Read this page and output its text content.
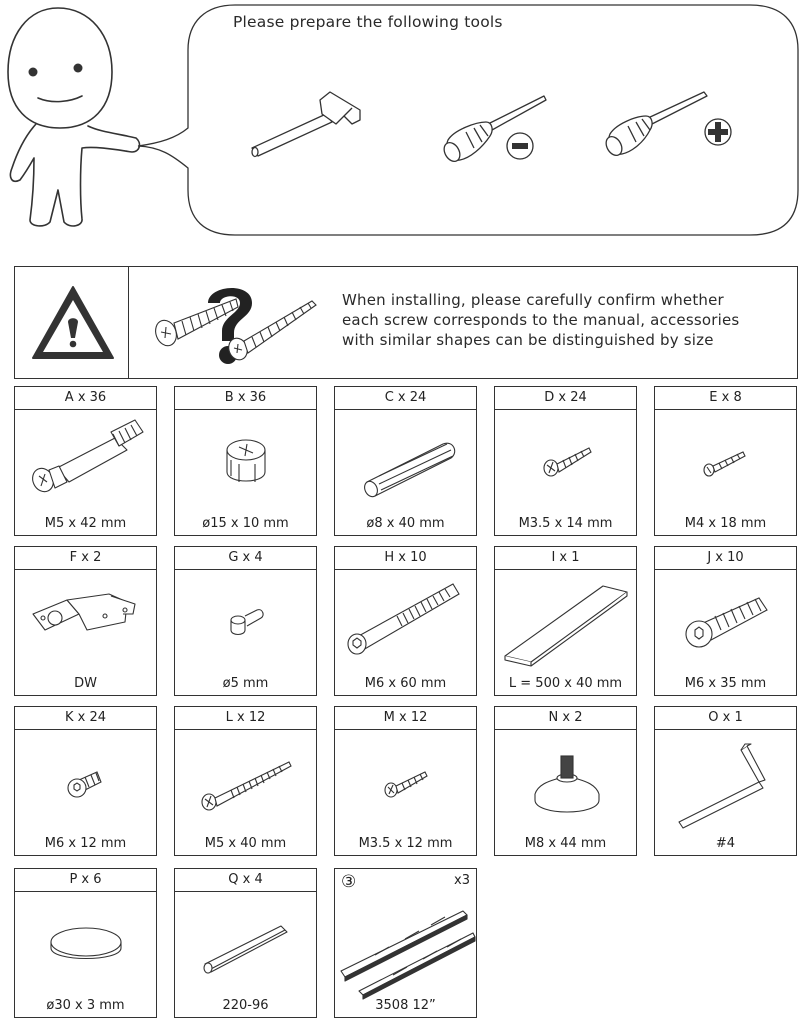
Please prepare the following tools
When installing, please carefully confirm whether
each screw corresponds to the manual, accessories
with similar shapes can be distinguished by size
A x 36
M5 x 42 mm
B x 36
ø15 x 10 mm
C x 24
ø8 x 40 mm
D x 24
M3.5 x 14 mm
E x 8
M4 x 18 mm
F x 2
DW
G x 4
ø5 mm
H x 10
M6 x 60 mm
I x 1
L = 500 x 40 mm
J x 10
M6 x 35 mm
K x 24
M6 x 12 mm
L x 12
M5 x 40 mm
M x 12
M3.5 x 12 mm
N x 2
M8 x 44 mm
O x 1
#4
P x 6
ø30 x 3 mm
Q x 4
220-96
③	x3
3508 12”
